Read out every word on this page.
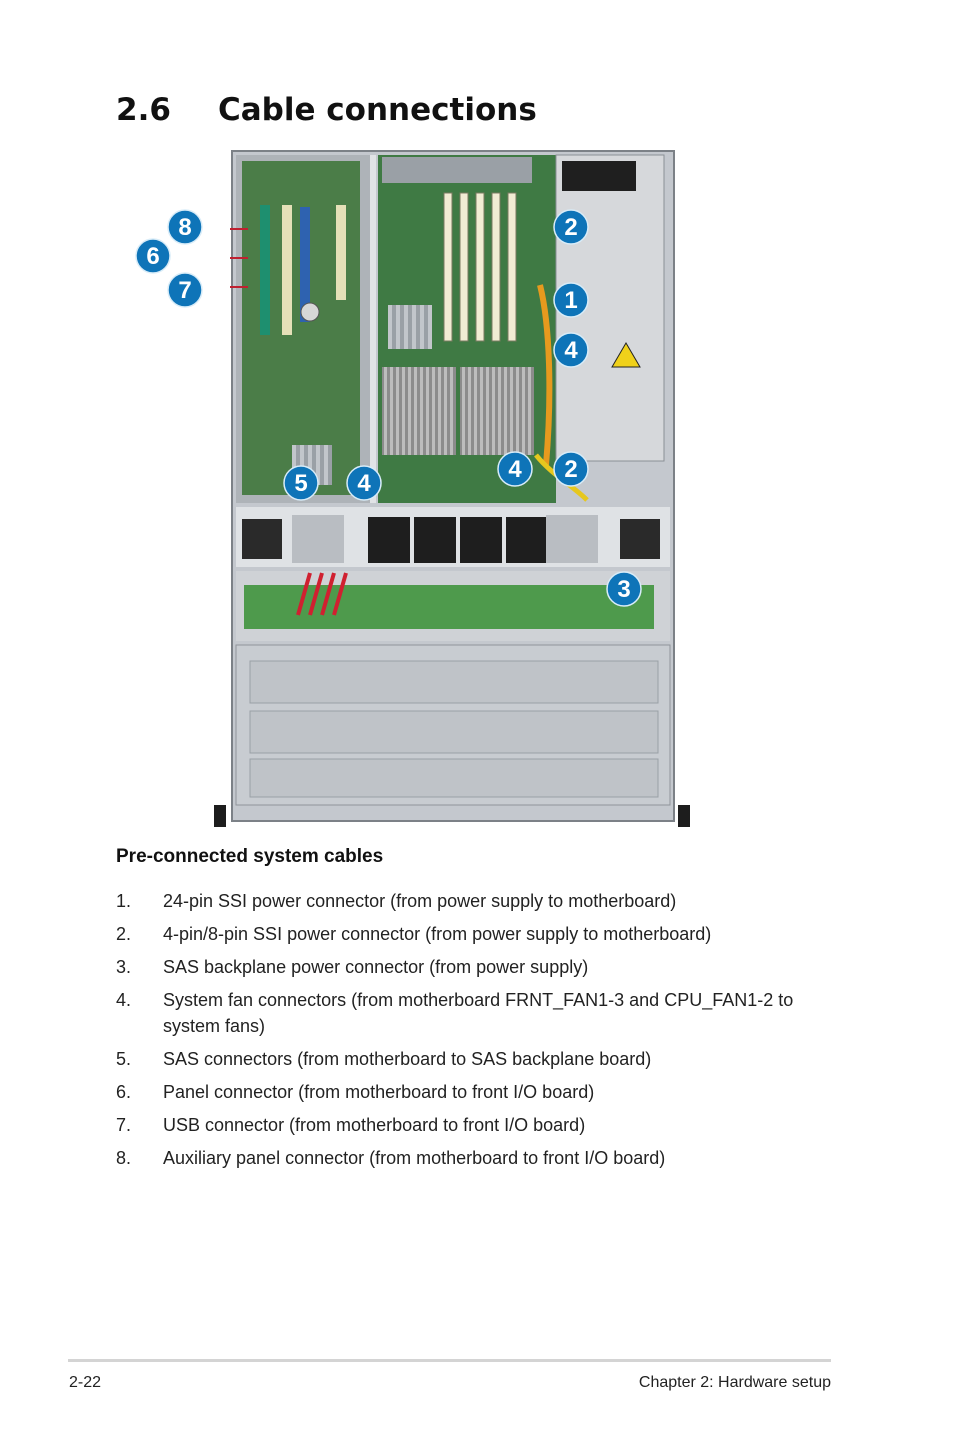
2.6 Cable connections
8
6
7
2
1
4
5 4
4 2
3
Pre-connected system cables
1.	24-pin SSI power connector (from power supply to motherboard)
2.	4-pin/8-pin SSI power connector (from power supply to motherboard)
3.	SAS backplane power connector (from power supply)
4.	System fan connectors (from motherboard FRNT_FAN1-3 and CPU_FAN1-2 to system fans)
5.	SAS connectors (from motherboard to SAS backplane board)
6.	Panel connector (from motherboard to front I/O board)
7.	USB connector (from motherboard to front I/O board)
8.	Auxiliary panel connector (from motherboard to front I/O board)
2-22	Chapter 2: Hardware setup
